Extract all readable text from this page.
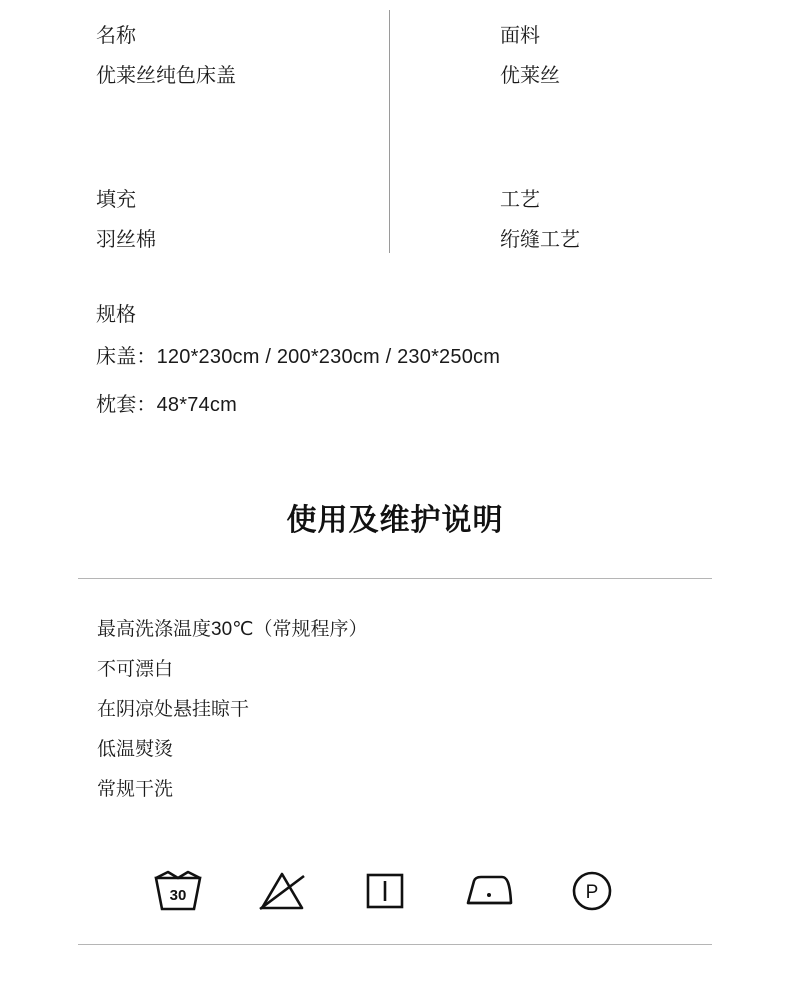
名称
优莱丝纯色床盖
面料
优莱丝
填充
羽丝棉
工艺
绗缝工艺
规格
床盖：120*230cm / 200*230cm / 230*250cm
枕套：48*74cm
使用及维护说明
最高洗涤温度30℃（常规程序）
不可漂白
在阴凉处悬挂晾干
低温熨烫
常规干洗
30	P
